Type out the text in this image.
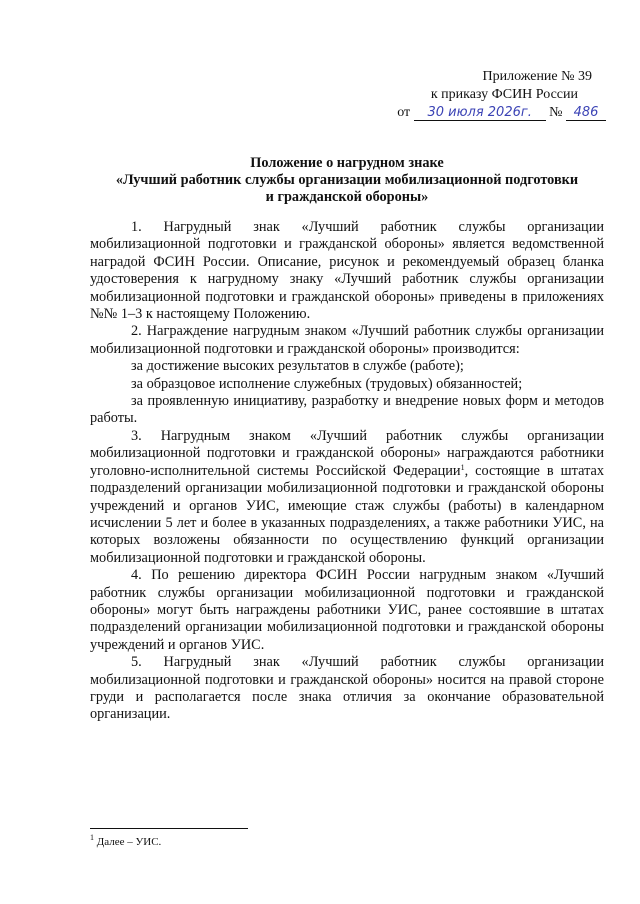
Приложение № 39
к приказу ФСИН России
от 30 июля 2026г. № 486
Положение о нагрудном знаке
«Лучший работник службы организации мобилизационной подготовки
и гражданской обороны»

1. Нагрудный знак «Лучший работник службы организации мобилизационной подготовки и гражданской обороны» является ведомственной наградой ФСИН России. Описание, рисунок и рекомендуемый образец бланка удостоверения к нагрудному знаку «Лучший работник службы организации мобилизационной подготовки и гражданской обороны» приведены в приложениях №№ 1–3 к настоящему Положению.

2. Награждение нагрудным знаком «Лучший работник службы организации мобилизационной подготовки и гражданской обороны» производится:

за достижение высоких результатов в службе (работе);

за образцовое исполнение служебных (трудовых) обязанностей;

за проявленную инициативу, разработку и внедрение новых форм и методов работы.

3. Нагрудным знаком «Лучший работник службы организации мобилизационной подготовки и гражданской обороны» награждаются работники уголовно-исполнительной системы Российской Федерации$^1$, состоящие в штатах подразделений организации мобилизационной подготовки и гражданской обороны учреждений и органов УИС, имеющие стаж службы (работы) в календарном исчислении 5 лет и более в указанных подразделениях, а также работники УИС, на которых возложены обязанности по осуществлению функций организации мобилизационной подготовки и гражданской обороны.

4. По решению директора ФСИН России нагрудным знаком «Лучший работник службы организации мобилизационной подготовки и гражданской обороны» могут быть награждены работники УИС, ранее состоявшие в штатах подразделений организации мобилизационной подготовки и гражданской обороны учреждений и органов УИС.

5. Нагрудный знак «Лучший работник службы организации мобилизационной подготовки и гражданской обороны» носится на правой стороне груди и располагается после знака отличия за окончание образовательной организации.

$^1$ Далее – УИС.
